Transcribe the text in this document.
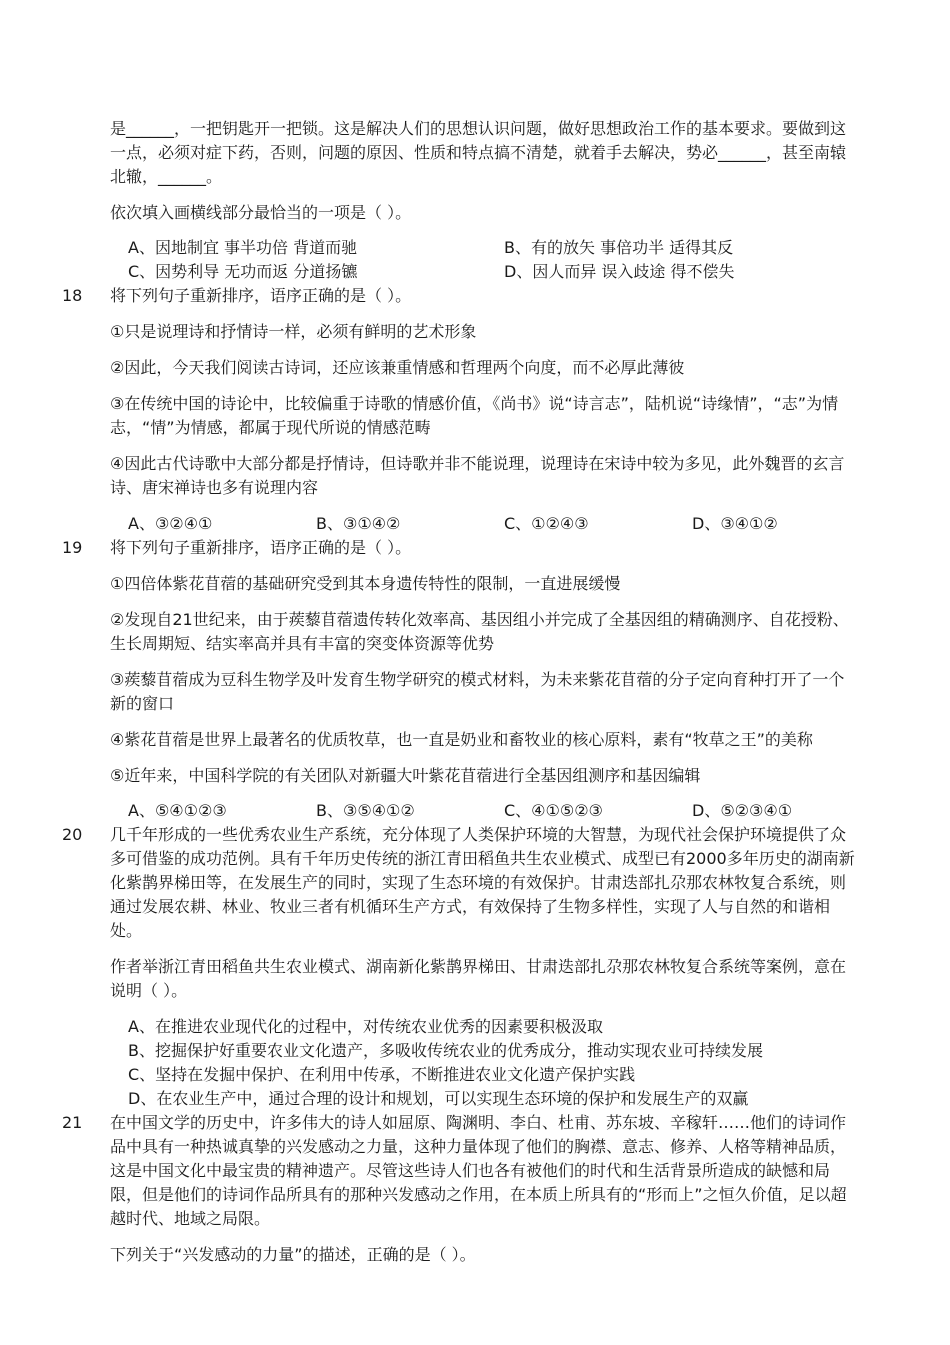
是______，一把钥匙开一把锁。这是解决人们的思想认识问题，做好思想政治工作的基本要求。要做到这一点，必须对症下药，否则，问题的原因、性质和特点搞不清楚，就着手去解决，势必______，甚至南辕北辙，______。

依次填入画横线部分最恰当的一项是（ ）。

A、因地制宜 事半功倍 背道而驰	B、有的放矢 事倍功半 适得其反
C、因势利导 无功而返 分道扬镳	D、因人而异 误入歧途 得不偿失
18 将下列句子重新排序，语序正确的是（ ）。

①只是说理诗和抒情诗一样，必须有鲜明的艺术形象

②因此，今天我们阅读古诗词，还应该兼重情感和哲理两个向度，而不必厚此薄彼

③在传统中国的诗论中，比较偏重于诗歌的情感价值，《尚书》说“诗言志”，陆机说“诗缘情”，“志”为情志，“情”为情感，都属于现代所说的情感范畴

④因此古代诗歌中大部分都是抒情诗，但诗歌并非不能说理，说理诗在宋诗中较为多见，此外魏晋的玄言诗、唐宋禅诗也多有说理内容

A、③②④①	B、③①④②	C、①②④③	D、③④①②
19 将下列句子重新排序，语序正确的是（ ）。

①四倍体紫花苜蓿的基础研究受到其本身遗传特性的限制，一直进展缓慢

②发现自21世纪来，由于蒺藜苜蓿遗传转化效率高、基因组小并完成了全基因组的精确测序、自花授粉、生长周期短、结实率高并具有丰富的突变体资源等优势

③蒺藜苜蓿成为豆科生物学及叶发育生物学研究的模式材料，为未来紫花苜蓿的分子定向育种打开了一个新的窗口

④紫花苜蓿是世界上最著名的优质牧草，也一直是奶业和畜牧业的核心原料，素有“牧草之王”的美称

⑤近年来，中国科学院的有关团队对新疆大叶紫花苜蓿进行全基因组测序和基因编辑

A、⑤④①②③	B、③⑤④①②	C、④①⑤②③	D、⑤②③④①
20 几千年形成的一些优秀农业生产系统，充分体现了人类保护环境的大智慧，为现代社会保护环境提供了众多可借鉴的成功范例。具有千年历史传统的浙江青田稻鱼共生农业模式、成型已有2000多年历史的湖南新化紫鹊界梯田等，在发展生产的同时，实现了生态环境的有效保护。甘肃迭部扎尕那农林牧复合系统，则通过发展农耕、林业、牧业三者有机循环生产方式，有效保持了生物多样性，实现了人与自然的和谐相处。

作者举浙江青田稻鱼共生农业模式、湖南新化紫鹊界梯田、甘肃迭部扎尕那农林牧复合系统等案例，意在说明（ ）。

A、在推进农业现代化的过程中，对传统农业优秀的因素要积极汲取
B、挖掘保护好重要农业文化遗产，多吸收传统农业的优秀成分，推动实现农业可持续发展
C、坚持在发掘中保护、在利用中传承，不断推进农业文化遗产保护实践
D、在农业生产中，通过合理的设计和规划，可以实现生态环境的保护和发展生产的双赢
21 在中国文学的历史中，许多伟大的诗人如屈原、陶渊明、李白、杜甫、苏东坡、辛稼轩……他们的诗词作品中具有一种热诚真挚的兴发感动之力量，这种力量体现了他们的胸襟、意志、修养、人格等精神品质，这是中国文化中最宝贵的精神遗产。尽管这些诗人们也各有被他们的时代和生活背景所造成的缺憾和局限，但是他们的诗词作品所具有的那种兴发感动之作用，在本质上所具有的“形而上”之恒久价值，足以超越时代、地域之局限。

下列关于“兴发感动的力量”的描述，正确的是（ ）。
